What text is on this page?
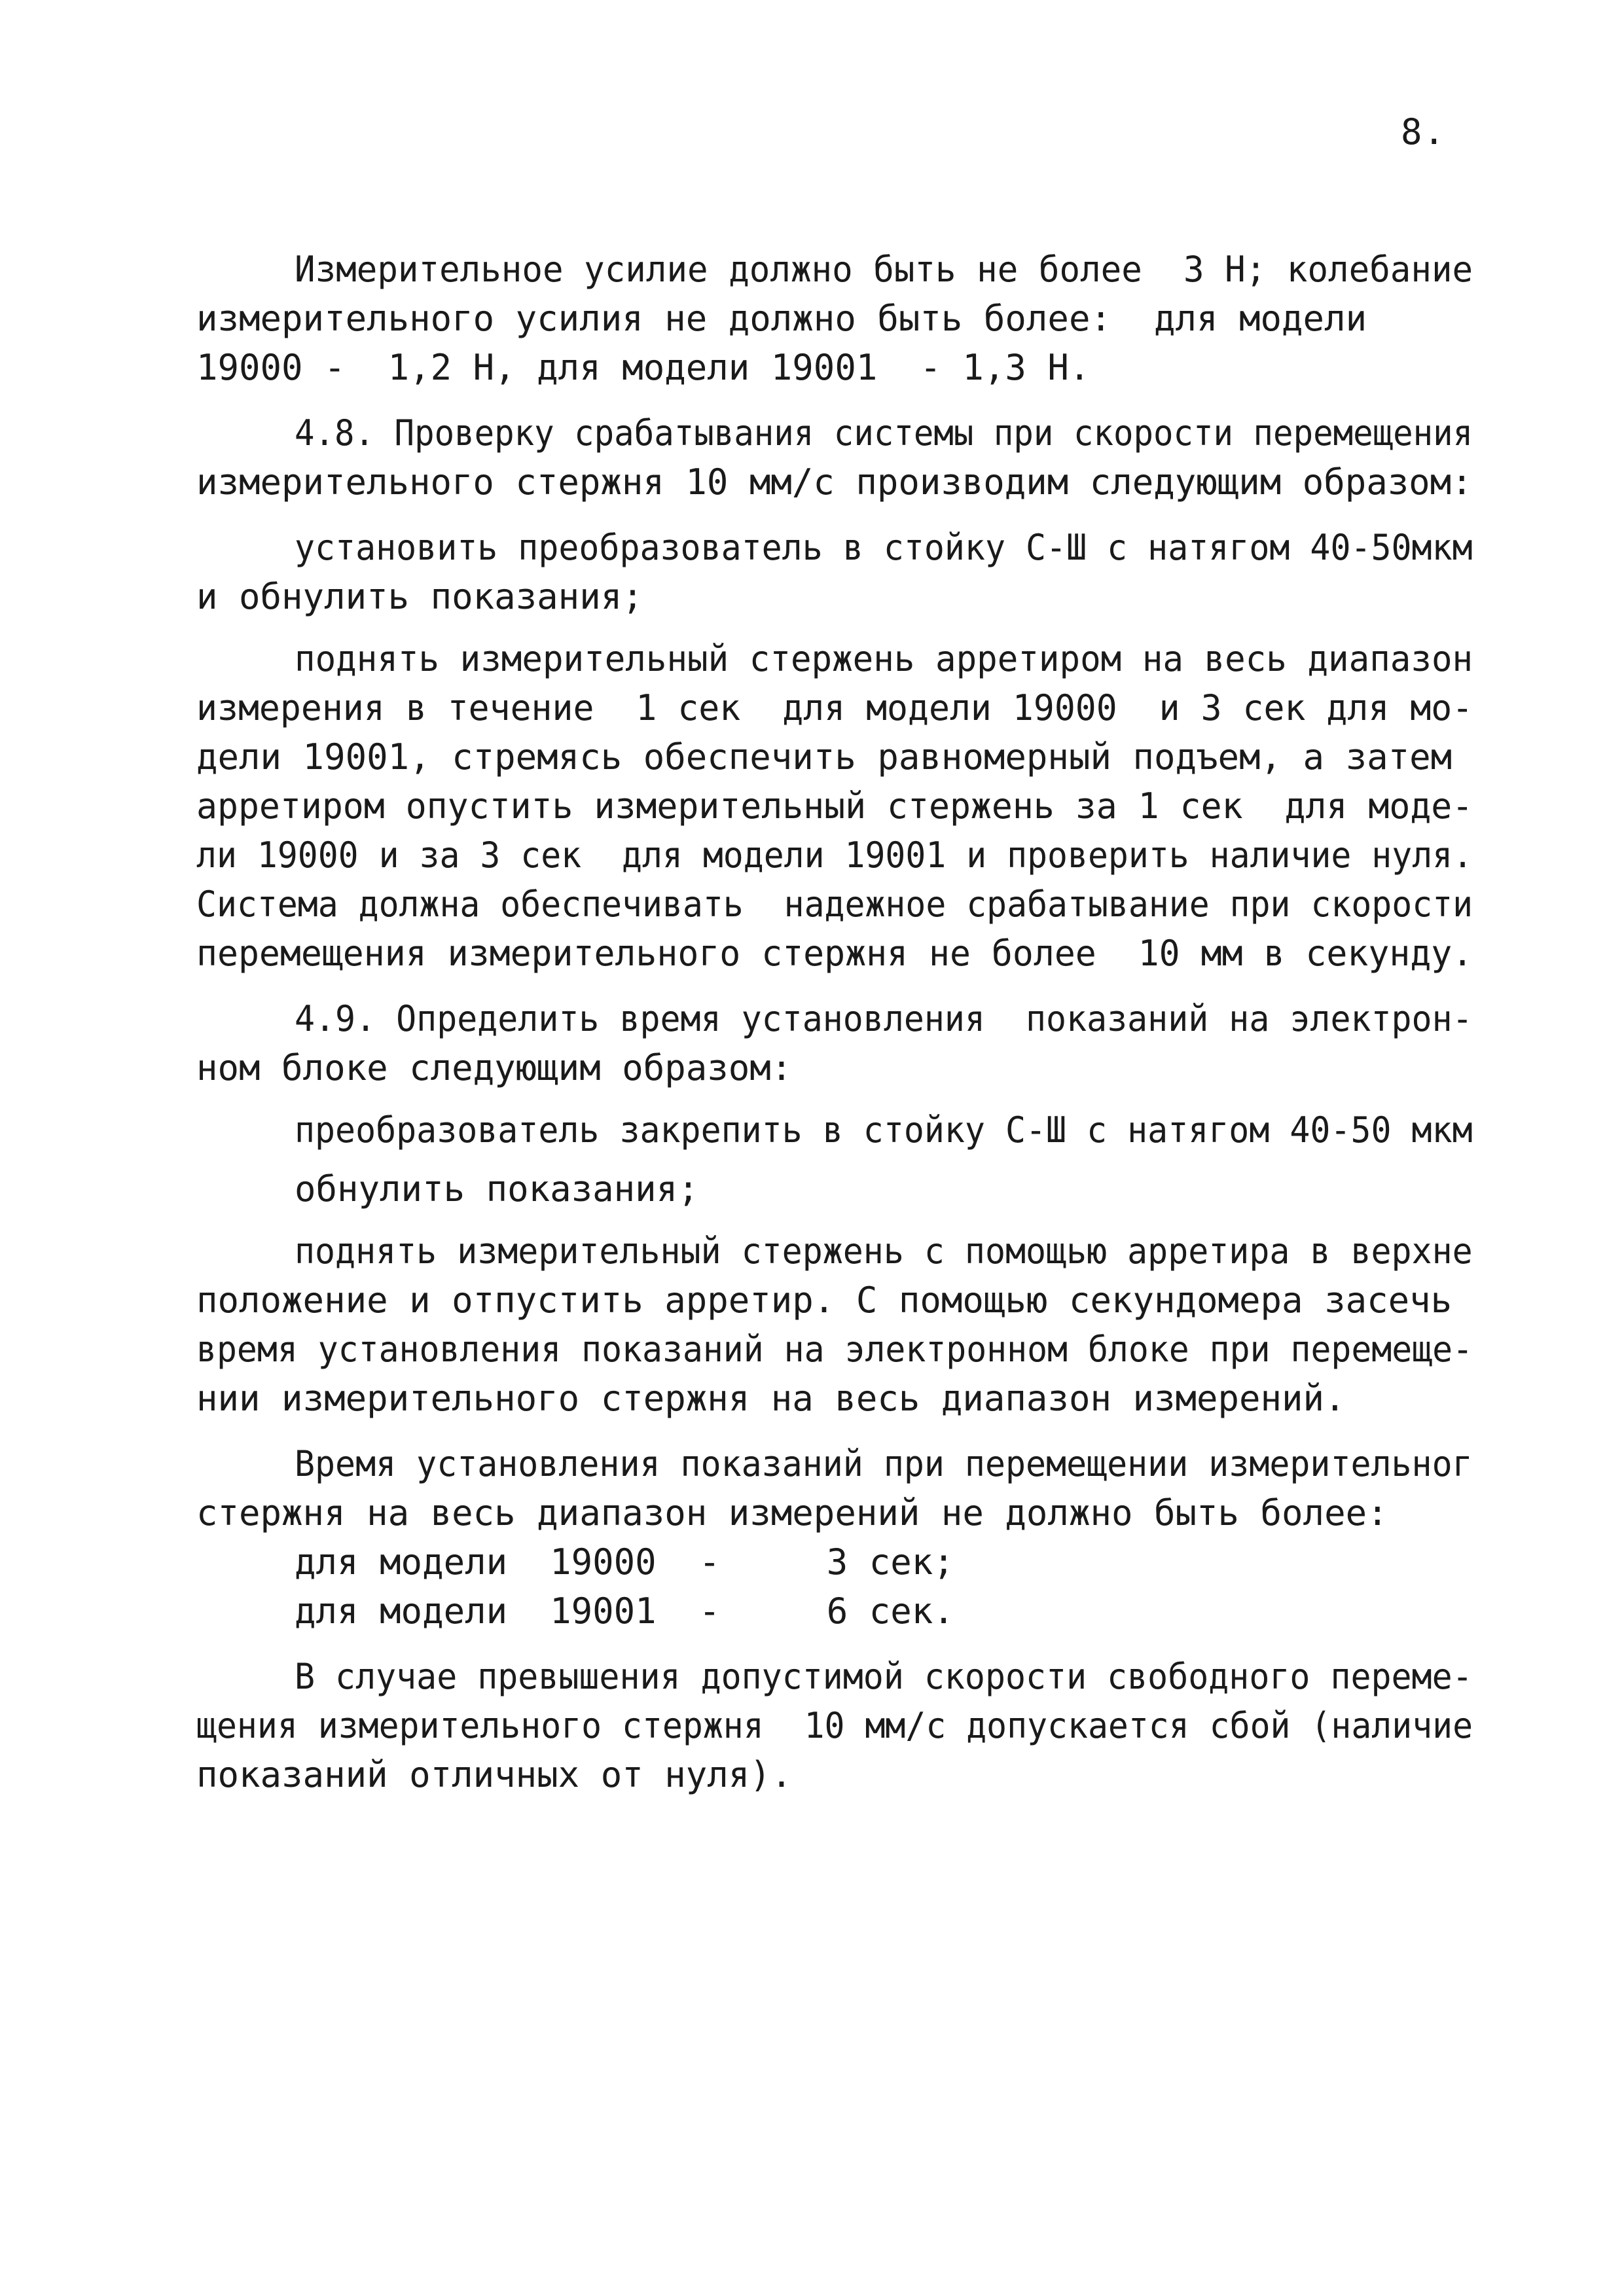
8.

Измерительное усилие должно быть не более  3 Н; колебание

измерительного усилия не должно быть более:  для модели

19000 -  1,2 Н, для модели 19001  - 1,3 Н.

4.8. Проверку срабатывания системы при скорости перемещения

измерительного стержня 10 мм/с производим следующим образом:

установить преобразователь в стойку С-Ш с натягом 40-50мкм

и обнулить показания;

поднять измерительный стержень арретиром на весь диапазон

измерения в течение  1 сек  для модели 19000  и 3 сек для мо-

дели 19001, стремясь обеспечить равномерный подъем, а затем

арретиром опустить измерительный стержень за 1 сек  для моде-

ли 19000 и за 3 сек  для модели 19001 и проверить наличие нуля.

Система должна обеспечивать  надежное срабатывание при скорости

перемещения измерительного стержня не более  10 мм в секунду.

4.9. Определить время установления  показаний на электрон-

ном блоке следующим образом:

преобразователь закрепить в стойку С-Ш с натягом 40-50 мкм

обнулить показания;

поднять измерительный стержень с помощью арретира в верхне

положение и отпустить арретир. С помощью секундомера засечь

время установления показаний на электронном блоке при перемеще-

нии измерительного стержня на весь диапазон измерений.

Время установления показаний при перемещении измерительног

стержня на весь диапазон измерений не должно быть более:

для модели  19000  -     3 сек;

для модели  19001  -     6 сек.

В случае превышения допустимой скорости свободного переме-

щения измерительного стержня  10 мм/с допускается сбой (наличие

показаний отличных от нуля).
